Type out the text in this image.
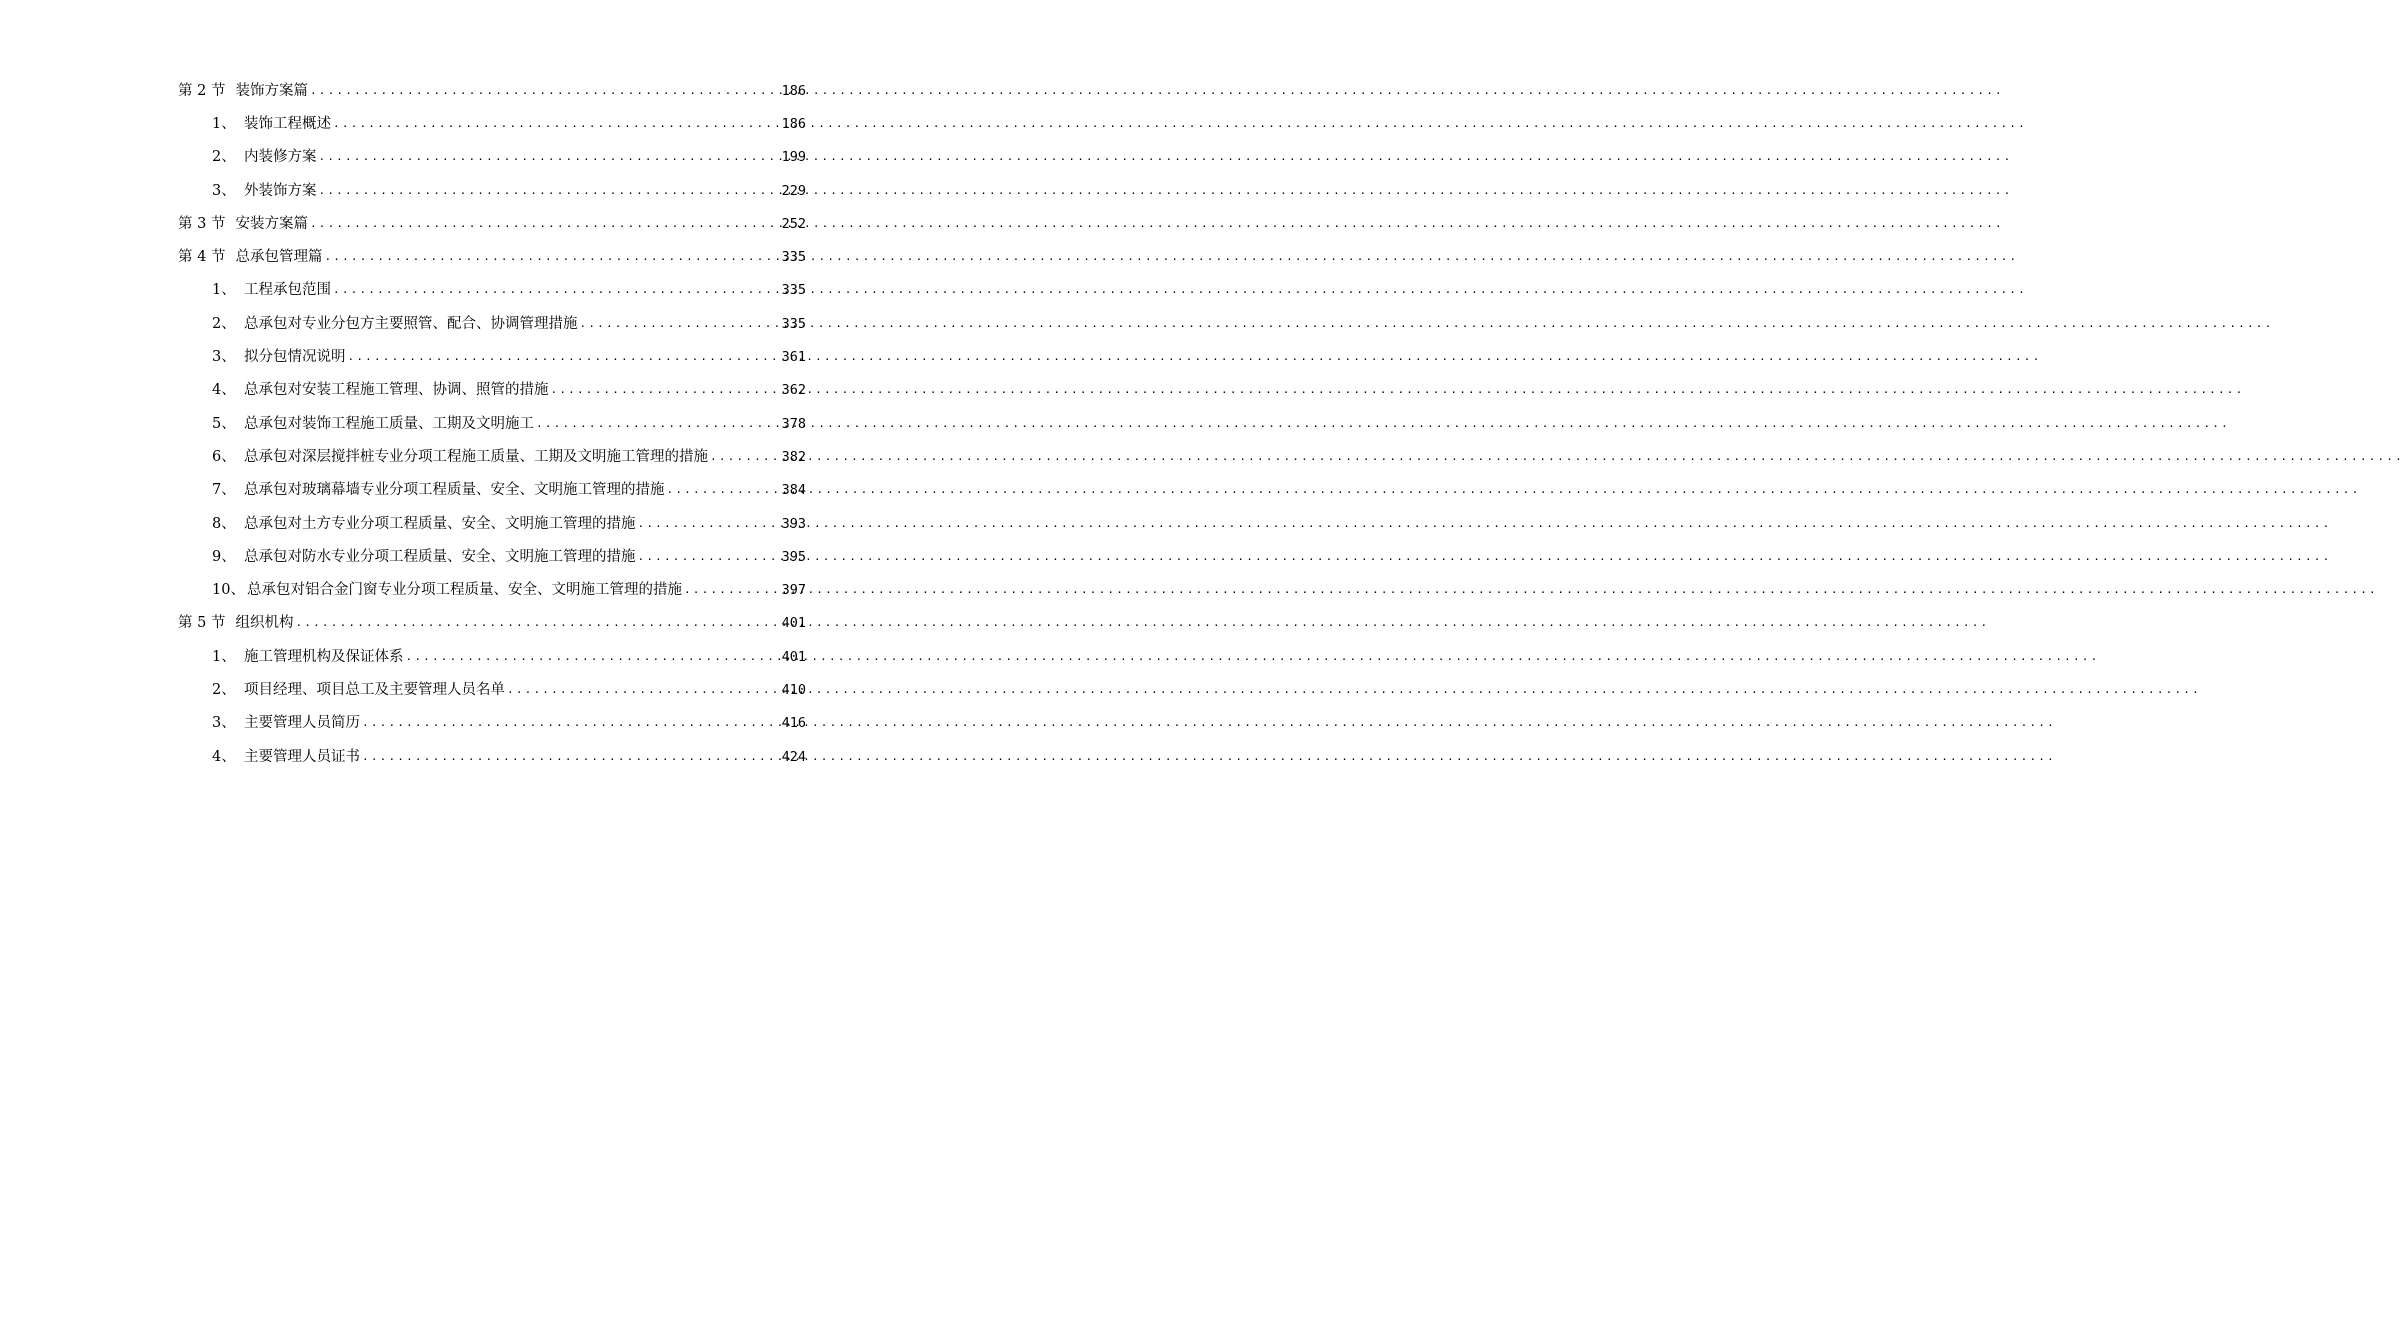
第 2 节 装饰方案篇 .....	186
1、 装饰工程概述 .....	186
2、 内装修方案 .....	199
3、 外装饰方案 .....	229
第 3 节 安装方案篇 .....	252
第 4 节 总承包管理篇 .....	335
1、 工程承包范围 .....	335
2、 总承包对专业分包方主要照管、配合、协调管理措施 .....	335
3、 拟分包情况说明 .....	361
4、 总承包对安装工程施工管理、协调、照管的措施 .....	362
5、 总承包对装饰工程施工质量、工期及文明施工 .....	378
6、 总承包对深层搅拌桩专业分项工程施工质量、工期及文明施工管理的措施 .....	382
7、 总承包对玻璃幕墙专业分项工程质量、安全、文明施工管理的措施 .....	384
8、 总承包对土方专业分项工程质量、安全、文明施工管理的措施 .....	393
9、 总承包对防水专业分项工程质量、安全、文明施工管理的措施 .....	395
10、 总承包对铝合金门窗专业分项工程质量、安全、文明施工管理的措施 .....	397
第 5 节 组织机构 .....	401
1、 施工管理机构及保证体系 .....	401
2、 项目经理、项目总工及主要管理人员名单 .....	410
3、 主要管理人员简历 .....	416
4、 主要管理人员证书 .....	424
